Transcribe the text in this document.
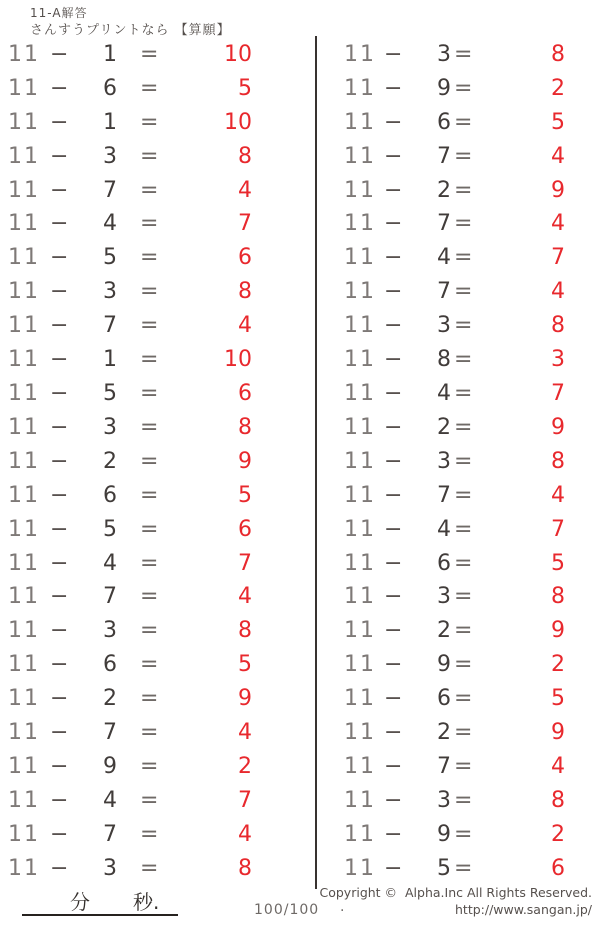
11-A解答
さんすうプリントなら 【算願】
11 −	1	=	10
11 −	6	=	5
11 −	1	=	10
11 −	3	=	8
11 −	7	=	4
11 −	4	=	7
11 −	5	=	6
11 −	3	=	8
11 −	7	=	4
11 −	1	=	10
11 −	5	=	6
11 −	3	=	8
11 −	2	=	9
11 −	6	=	5
11 −	5	=	6
11 −	4	=	7
11 −	7	=	4
11 −	3	=	8
11 −	6	=	5
11 −	2	=	9
11 −	7	=	4
11 −	9	=	2
11 −	4	=	7
11 −	7	=	4
11 −	3	=	8
11 −	3 =	8
11 −	9 =	2
11 −	6 =	5
11 −	7 =	4
11 −	2 =	9
11 −	7 =	4
11 −	4 =	7
11 −	7 =	4
11 −	3 =	8
11 −	8 =	3
11 −	4 =	7
11 −	2 =	9
11 −	3 =	8
11 −	7 =	4
11 −	4 =	7
11 −	6 =	5
11 −	3 =	8
11 −	2 =	9
11 −	9 =	2
11 −	6 =	5
11 −	2 =	9
11 −	7 =	4
11 −	3 =	8
11 −	9 =	2
11 −	5 =	6
分 秒.	100/100 .
Copyright ©  Alpha.Inc All Rights Reserved.
http://www.sangan.jp/
